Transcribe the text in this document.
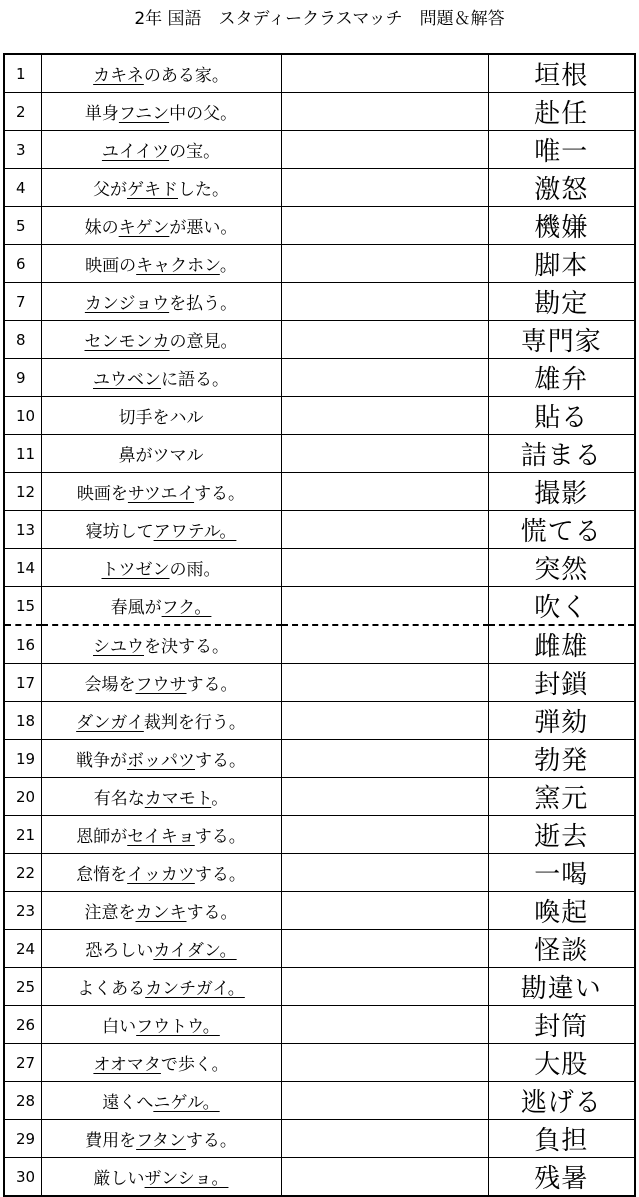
2年 国語　スタディークラスマッチ　問題＆解答
1	カキネのある家。		垣根
2	単身フニン中の父。		赴任
3	ユイイツの宝。		唯一
4	父がゲキドした。		激怒
5	妹のキゲンが悪い。		機嫌
6	映画のキャクホン。		脚本
7	カンジョウを払う。		勘定
8	センモンカの意見。		専門家
9	ユウベンに語る。		雄弁
10	切手をハル		貼る
11	鼻がツマル		詰まる
12	映画をサツエイする。		撮影
13	寝坊してアワテル。		慌てる
14	トツゼンの雨。		突然
15	春風がフク。		吹く
16	シユウを決する。		雌雄
17	会場をフウサする。		封鎖
18	ダンガイ裁判を行う。		弾劾
19	戦争がボッパツする。		勃発
20	有名なカマモト。		窯元
21	恩師がセイキョする。		逝去
22	怠惰をイッカツする。		一喝
23	注意をカンキする。		喚起
24	恐ろしいカイダン。		怪談
25	よくあるカンチガイ。		勘違い
26	白いフウトウ。		封筒
27	オオマタで歩く。		大股
28	遠くへニゲル。		逃げる
29	費用をフタンする。		負担
30	厳しいザンショ。		残暑
